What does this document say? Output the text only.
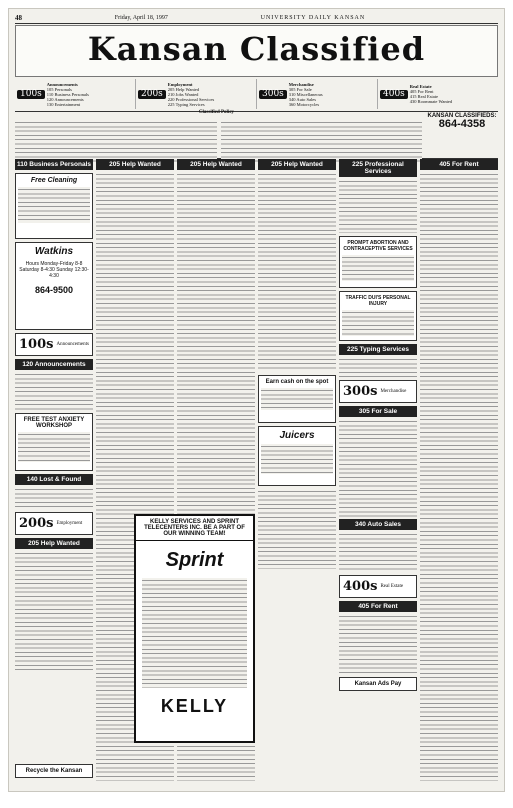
48	Friday, April 18, 1997	UNIVERSITY DAILY KANSAN
Kansan Classified
100s
Announcements
105 Personals
110 Business Personals
120 Announcements
130 Entertainment
200s
Employment
205 Help Wanted
210 Jobs Wanted
220 Professional Services
225 Typing Services
300s
Merchandise
305 For Sale
310 Miscellaneous
340 Auto Sales
360 Motorcycles
400s
Real Estate
405 For Rent
415 Real Estate
430 Roommate Wanted
Classified Policy
KANSAN CLASSIFIEDS:
864-4358
110 Business Personals
Free Cleaning
Watkins
Hours Monday-Friday 8-8 Saturday 8-4:30 Sunday 12:30-4:30
864-9500
100s Announcements
120 Announcements
FREE TEST ANXIETY WORKSHOP
140 Lost & Found
200s Employment
205 Help Wanted
Recycle the Kansan
205 Help Wanted	205 Help Wanted	205 Help Wanted
Earn cash on the spot
Juicers
225 Professional Services
PROMPT ABORTION AND CONTRACEPTIVE SERVICES
TRAFFIC DUI'S PERSONAL INJURY
225 Typing Services
300s Merchandise
305 For Sale
340 Auto Sales
400s Real Estate
405 For Rent
Kansan Ads Pay
405 For Rent
KELLY SERVICES AND SPRINT TELECENTERS INC. BE A PART OF OUR WINNING TEAM!
Sprint
KELLY
